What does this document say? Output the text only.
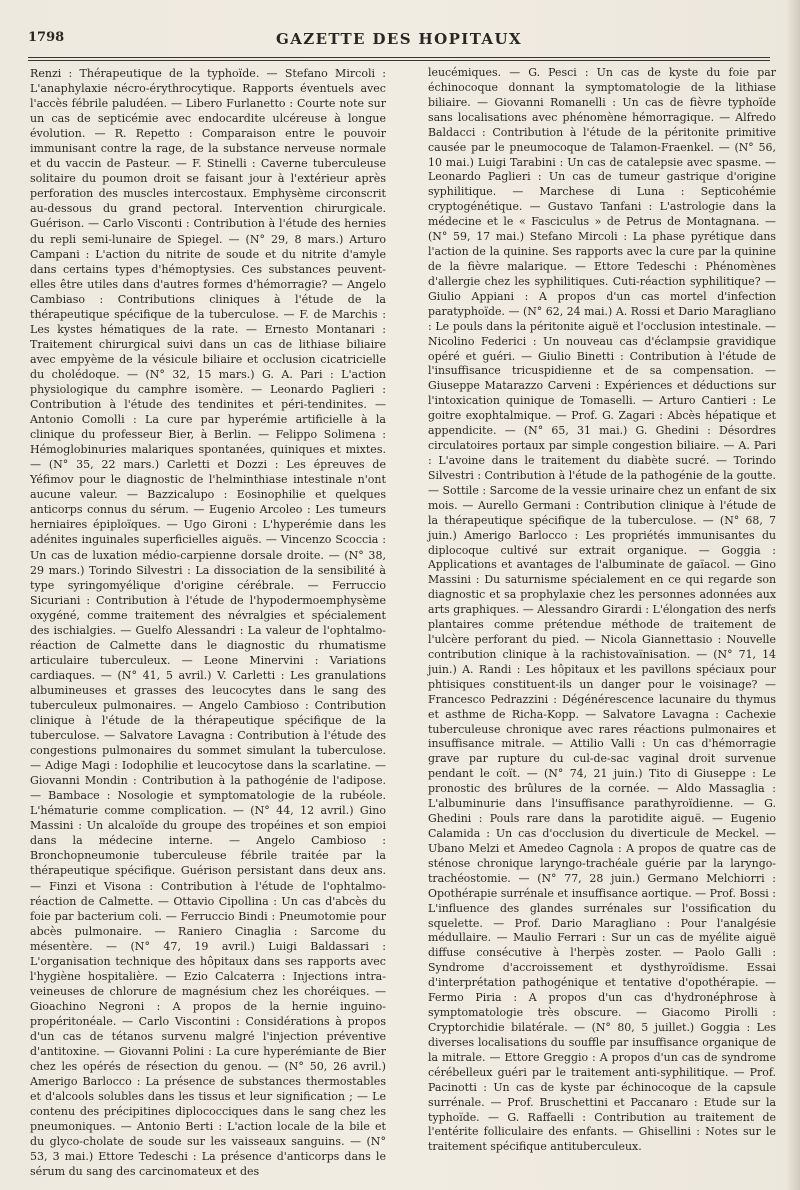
1798	GAZETTE DES HOPITAUX

Renzi : Thérapeutique de la typhoïde. — Stefano Mircoli : L'anaphylaxie nécro-érythrocytique. Rapports éventuels avec l'accès fébrile paludéen. — Libero Furlanetto : Courte note sur un cas de septicémie avec endocardite ulcéreuse à longue évolution. — R. Repetto : Comparaison entre le pouvoir immunisant contre la rage, de la substance nerveuse normale et du vaccin de Pasteur. — F. Stinelli : Caverne tuberculeuse solitaire du poumon droit se faisant jour à l'extérieur après perforation des muscles intercostaux. Emphysème circonscrit au-dessous du grand pectoral. Intervention chirurgicale. Guérison. — Carlo Visconti : Contribution à l'étude des hernies du repli semi-lunaire de Spiegel. — (N° 29, 8 mars.) Arturo Campani : L'action du nitrite de soude et du nitrite d'amyle dans certains types d'hémoptysies. Ces substances peuvent-elles être utiles dans d'autres formes d'hémorragie? — Angelo Cambiaso : Contributions cliniques à l'étude de la thérapeutique spécifique de la tuberculose. — F. de Marchis : Les kystes hématiques de la rate. — Ernesto Montanari : Traitement chirurgical suivi dans un cas de lithiase biliaire avec empyème de la vésicule biliaire et occlusion cicatricielle du cholédoque. — (N° 32, 15 mars.) G. A. Pari : L'action physiologique du camphre isomère. — Leonardo Paglieri : Contribution à l'étude des tendinites et péri-tendinites. — Antonio Comolli : La cure par hyperémie artificielle à la clinique du professeur Bier, à Berlin. — Felippo Solimena : Hémoglobinuries malariques spontanées, quiniques et mixtes. — (N° 35, 22 mars.) Carletti et Dozzi : Les épreuves de Yéfimov pour le diagnostic de l'helminthiase intestinale n'ont aucune valeur. — Bazzicalupo : Eosinophilie et quelques anticorps connus du sérum. — Eugenio Arcoleo : Les tumeurs herniaires épiploïques. — Ugo Gironi : L'hyperémie dans les adénites inguinales superficielles aiguës. — Vincenzo Scoccia : Un cas de luxation médio-carpienne dorsale droite. — (N° 38, 29 mars.) Torindo Silvestri : La dissociation de la sensibilité à type syringomyélique d'origine cérébrale. — Ferruccio Sicuriani : Contribution à l'étude de l'hypodermoemphysème oxygéné, comme traitement des névralgies et spécialement des ischialgies. — Guelfo Alessandri : La valeur de l'ophtalmo-réaction de Calmette dans le diagnostic du rhumatisme articulaire tuberculeux. — Leone Minervini : Variations cardiaques. — (N° 41, 5 avril.) V. Carletti : Les granulations albumineuses et grasses des leucocytes dans le sang des tuberculeux pulmonaires. — Angelo Cambioso : Contribution clinique à l'étude de la thérapeutique spécifique de la tuberculose. — Salvatore Lavagna : Contribution à l'étude des congestions pulmonaires du sommet simulant la tuberculose. — Adige Magi : Iodophilie et leucocytose dans la scarlatine. — Giovanni Mondin : Contribution à la pathogénie de l'adipose. — Bambace : Nosologie et symptomatologie de la rubéole. L'hématurie comme complication. — (N° 44, 12 avril.) Gino Massini : Un alcaloïde du groupe des tropéines et son empioi dans la médecine interne. — Angelo Cambioso : Bronchopneumonie tuberculeuse fébrile traitée par la thérapeutique spécifique. Guérison persistant dans deux ans. — Finzi et Visona : Contribution à l'étude de l'ophtalmo-réaction de Calmette. — Ottavio Cipollina : Un cas d'abcès du foie par bacterium coli. — Ferruccio Bindi : Pneumotomie pour abcès pulmonaire. — Raniero Cinaglia : Sarcome du mésentère. — (N° 47, 19 avril.) Luigi Baldassari : L'organisation technique des hôpitaux dans ses rapports avec l'hygiène hospitalière. — Ezio Calcaterra : Injections intra-veineuses de chlorure de magnésium chez les choréiques. — Gioachino Negroni : A propos de la hernie inguino-propéritonéale. — Carlo Viscontini : Considérations à propos d'un cas de tétanos survenu malgré l'injection préventive d'antitoxine. — Giovanni Polini : La cure hyperémiante de Bier chez les opérés de résection du genou. — (N° 50, 26 avril.) Amerigo Barlocco : La présence de substances thermostables et d'alcools solubles dans les tissus et leur signification ; — Le contenu des précipitines diplococciques dans le sang chez les pneumoniques. — Antonio Berti : L'action locale de la bile et du glyco-cholate de soude sur les vaisseaux sanguins. — (N° 53, 3 mai.) Ettore Tedeschi : La présence d'anticorps dans le sérum du sang des carcinomateux et des

leucémiques. — G. Pesci : Un cas de kyste du foie par échinocoque donnant la symptomatologie de la lithiase biliaire. — Giovanni Romanelli : Un cas de fièvre typhoïde sans localisations avec phénomène hémorragique. — Alfredo Baldacci : Contribution à l'étude de la péritonite primitive causée par le pneumocoque de Talamon-Fraenkel. — (N° 56, 10 mai.) Luigi Tarabini : Un cas de catalepsie avec spasme. — Leonardo Paglieri : Un cas de tumeur gastrique d'origine syphilitique. — Marchese di Luna : Septicohémie cryptogénétique. — Gustavo Tanfani : L'astrologie dans la médecine et le « Fasciculus » de Petrus de Montagnana. — (N° 59, 17 mai.) Stefano Mircoli : La phase pyrétique dans l'action de la quinine. Ses rapports avec la cure par la quinine de la fièvre malarique. — Ettore Tedeschi : Phénomènes d'allergie chez les syphilitiques. Cuti-réaction syphilitique? — Giulio Appiani : A propos d'un cas mortel d'infection paratyphoïde. — (N° 62, 24 mai.) A. Rossi et Dario Maragliano : Le pouls dans la péritonite aiguë et l'occlusion intestinale. — Nicolino Federici : Un nouveau cas d'éclampsie gravidique opéré et guéri. — Giulio Binetti : Contribution à l'étude de l'insuffisance tricuspidienne et de sa compensation. — Giuseppe Matarazzo Carveni : Expériences et déductions sur l'intoxication quinique de Tomaselli. — Arturo Cantieri : Le goitre exophtalmique. — Prof. G. Zagari : Abcès hépatique et appendicite. — (N° 65, 31 mai.) G. Ghedini : Désordres circulatoires portaux par simple congestion biliaire. — A. Pari : L'avoine dans le traitement du diabète sucré. — Torindo Silvestri : Contribution à l'étude de la pathogénie de la goutte. — Sottile : Sarcome de la vessie urinaire chez un enfant de six mois. — Aurello Germani : Contribution clinique à l'étude de la thérapeutique spécifique de la tuberculose. — (N° 68, 7 juin.) Amerigo Barlocco : Les propriétés immunisantes du diplocoque cultivé sur extrait organique. — Goggia : Applications et avantages de l'albuminate de gaïacol. — Gino Massini : Du saturnisme spécialement en ce qui regarde son diagnostic et sa prophylaxie chez les personnes adonnées aux arts graphiques. — Alessandro Girardi : L'élongation des nerfs plantaires comme prétendue méthode de traitement de l'ulcère perforant du pied. — Nicola Giannettasio : Nouvelle contribution clinique à la rachistovaïnisation. — (N° 71, 14 juin.) A. Randi : Les hôpitaux et les pavillons spéciaux pour phtisiques constituent-ils un danger pour le voisinage? — Francesco Pedrazzini : Dégénérescence lacunaire du thymus et asthme de Richa-Kopp. — Salvatore Lavagna : Cachexie tuberculeuse chronique avec rares réactions pulmonaires et insuffisance mitrale. — Attilio Valli : Un cas d'hémorragie grave par rupture du cul-de-sac vaginal droit survenue pendant le coït. — (N° 74, 21 juin.) Tito di Giuseppe : Le pronostic des brûlures de la cornée. — Aldo Massaglia : L'albuminurie dans l'insuffisance parathyroïdienne. — G. Ghedini : Pouls rare dans la parotidite aiguë. — Eugenio Calamida : Un cas d'occlusion du diverticule de Meckel. — Ubano Melzi et Amedeo Cagnola : A propos de quatre cas de sténose chronique laryngo-trachéale guérie par la laryngo-trachéostomie. — (N° 77, 28 juin.) Germano Melchiorri : Opothérapie surrénale et insuffisance aortique. — Prof. Bossi : L'influence des glandes surrénales sur l'ossification du squelette. — Prof. Dario Maragliano : Pour l'analgésie médullaire. — Maulio Ferrari : Sur un cas de myélite aiguë diffuse consécutive à l'herpès zoster. — Paolo Galli : Syndrome d'accroissement et dysthyroïdisme. Essai d'interprétation pathogénique et tentative d'opothérapie. — Fermo Piria : A propos d'un cas d'hydronéphrose à symptomatologie très obscure. — Giacomo Pirolli : Cryptorchidie bilatérale. — (N° 80, 5 juillet.) Goggia : Les diverses localisations du souffle par insuffisance organique de la mitrale. — Ettore Greggio : A propos d'un cas de syndrome cérébelleux guéri par le traitement anti-syphilitique. — Prof. Pacinotti : Un cas de kyste par échinocoque de la capsule surrénale. — Prof. Bruschettini et Paccanaro : Etude sur la typhoïde. — G. Raffaelli : Contribution au traitement de l'entérite folliculaire des enfants. — Ghisellini : Notes sur le traitement spécifique antituberculeux.
